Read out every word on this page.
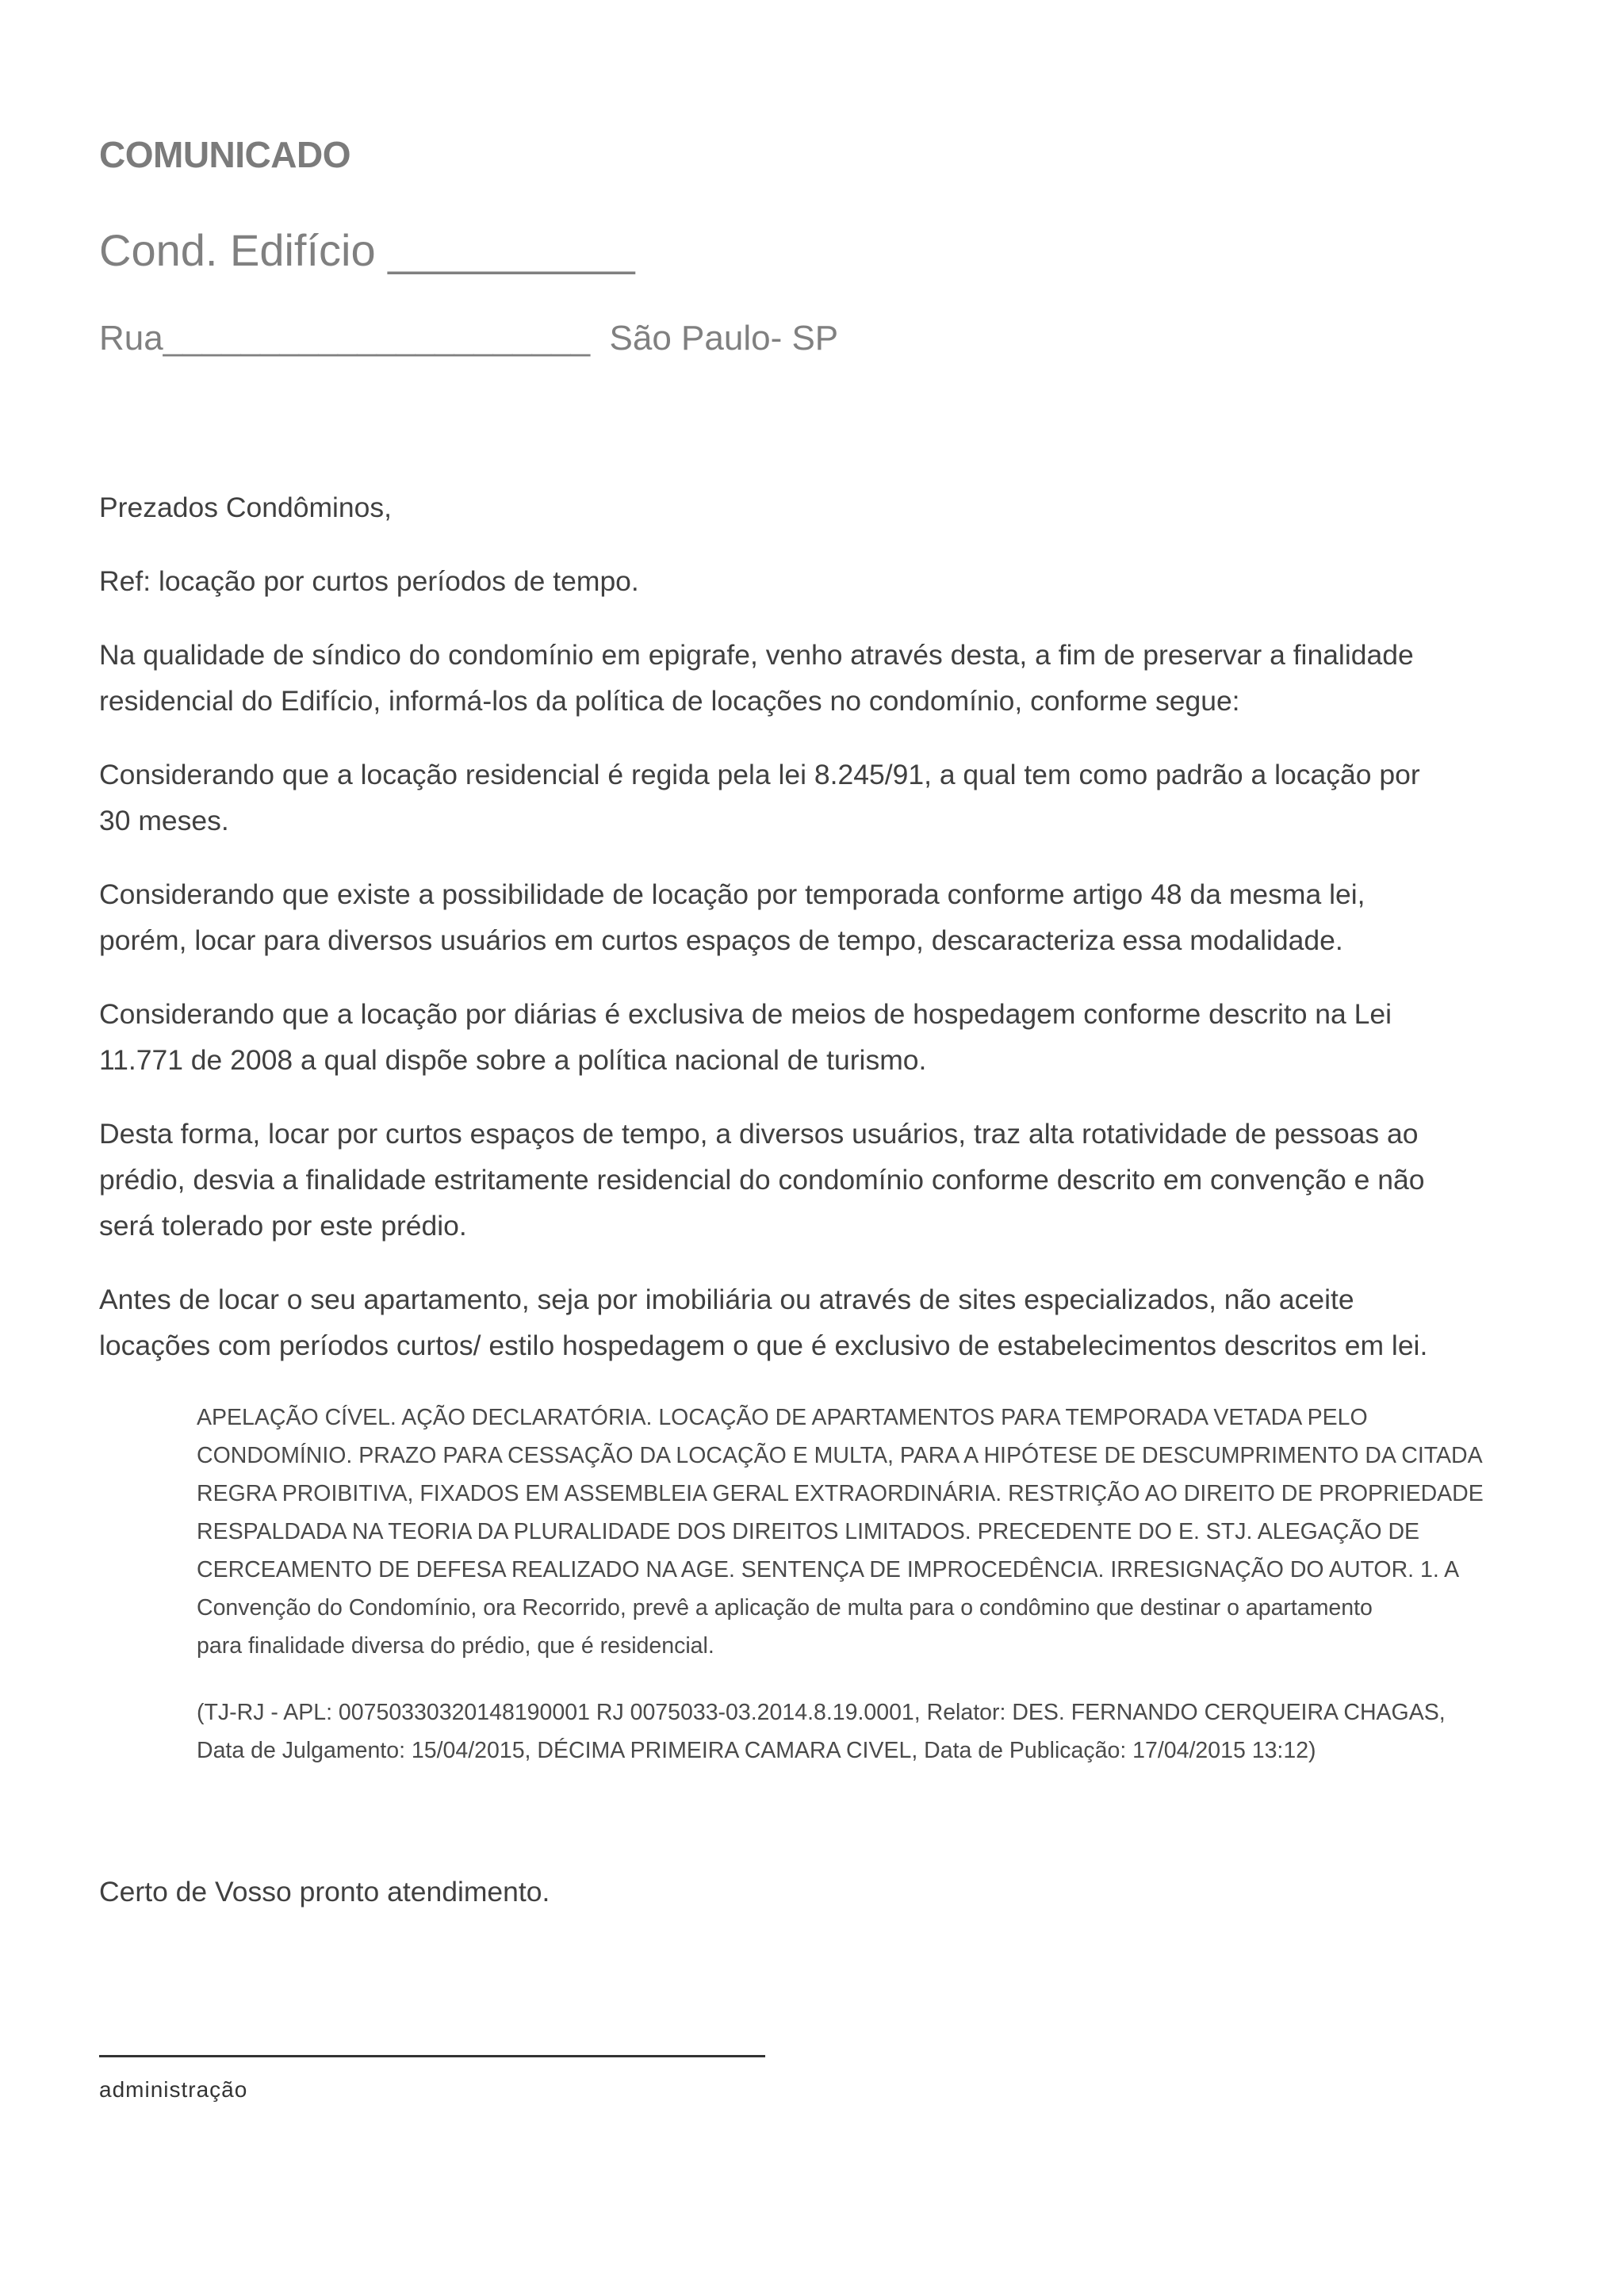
COMUNICADO
Cond. Edifício __________
Rua______________________ São Paulo- SP

Prezados Condôminos,

Ref: locação por curtos períodos de tempo.

Na qualidade de síndico do condomínio em epigrafe, venho através desta, a fim de preservar a finalidade

residencial do Edifício, informá-los da política de locações no condomínio, conforme segue:

Considerando que a locação residencial é regida pela lei 8.245/91, a qual tem como padrão a locação por

30 meses.

Considerando que existe a possibilidade de locação por temporada conforme artigo 48 da mesma lei,

porém, locar para diversos usuários em curtos espaços de tempo, descaracteriza essa modalidade.

Considerando que a locação por diárias é exclusiva de meios de hospedagem conforme descrito na Lei

11.771 de 2008 a qual dispõe sobre a política nacional de turismo.

Desta forma, locar por curtos espaços de tempo, a diversos usuários, traz alta rotatividade de pessoas ao

prédio, desvia a finalidade estritamente residencial do condomínio conforme descrito em convenção e não

será tolerado por este prédio.

Antes de locar o seu apartamento, seja por imobiliária ou através de sites especializados, não aceite

locações com períodos curtos/ estilo hospedagem o que é exclusivo de estabelecimentos descritos em lei.

APELAÇÃO CÍVEL. AÇÃO DECLARATÓRIA. LOCAÇÃO DE APARTAMENTOS PARA TEMPORADA VETADA PELO

CONDOMÍNIO. PRAZO PARA CESSAÇÃO DA LOCAÇÃO E MULTA, PARA A HIPÓTESE DE DESCUMPRIMENTO DA CITADA

REGRA PROIBITIVA, FIXADOS EM ASSEMBLEIA GERAL EXTRAORDINÁRIA. RESTRIÇÃO AO DIREITO DE PROPRIEDADE

RESPALDADA NA TEORIA DA PLURALIDADE DOS DIREITOS LIMITADOS. PRECEDENTE DO E. STJ. ALEGAÇÃO DE

CERCEAMENTO DE DEFESA REALIZADO NA AGE. SENTENÇA DE IMPROCEDÊNCIA. IRRESIGNAÇÃO DO AUTOR. 1. A

Convenção do Condomínio, ora Recorrido, prevê a aplicação de multa para o condômino que destinar o apartamento

para finalidade diversa do prédio, que é residencial.

(TJ-RJ - APL: 00750330320148190001 RJ 0075033-03.2014.8.19.0001, Relator: DES. FERNANDO CERQUEIRA CHAGAS,

Data de Julgamento: 15/04/2015, DÉCIMA PRIMEIRA CAMARA CIVEL, Data de Publicação: 17/04/2015 13:12)

Certo de Vosso pronto atendimento.
administração
